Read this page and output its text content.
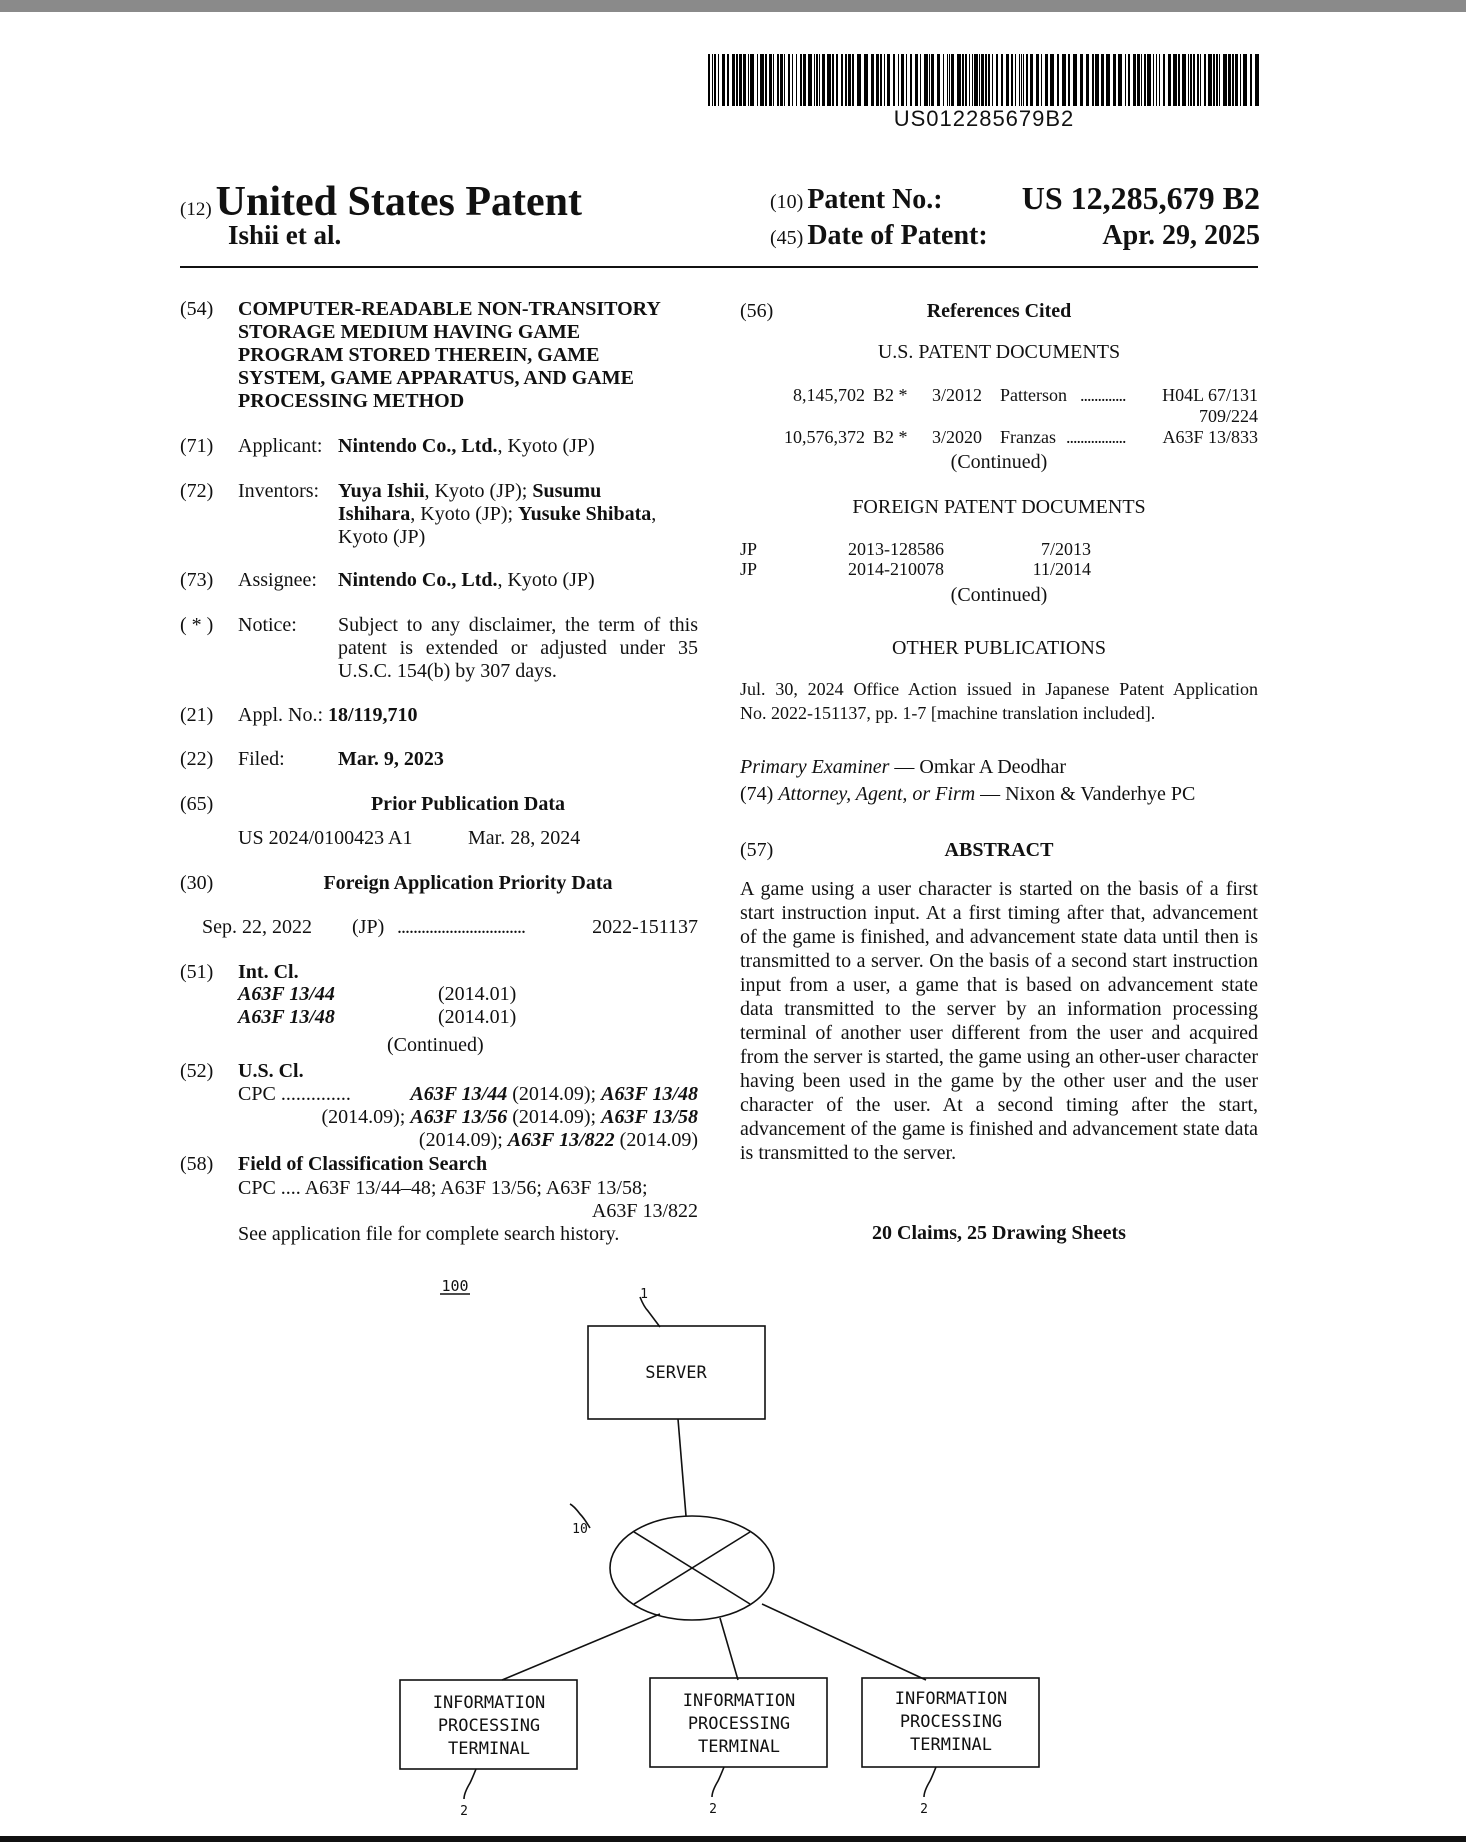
US012285679B2
(12) United States Patent
Ishii et al.
(10) Patent No.: US 12,285,679 B2
(45) Date of Patent:	Apr. 29, 2025
(54) COMPUTER-READABLE NON-TRANSITORY
STORAGE MEDIUM HAVING GAME
PROGRAM STORED THEREIN, GAME
SYSTEM, GAME APPARATUS, AND GAME
PROCESSING METHOD
(71) Applicant: Nintendo Co., Ltd., Kyoto (JP)
(72) Inventors: Yuya Ishii, Kyoto (JP); Susumu
Ishihara, Kyoto (JP); Yusuke Shibata,
Kyoto (JP)
(73) Assignee: Nintendo Co., Ltd., Kyoto (JP)
( * ) Notice: Subject to any disclaimer, the term of this
patent is extended or adjusted under 35
U.S.C. 154(b) by 307 days.
(21) Appl. No.: 18/119,710
(22) Filed:	Mar. 9, 2023
(65)	Prior Publication Data
US 2024/0100423 A1	Mar. 28, 2024
(30)	Foreign Application Priority Data
Sep. 22, 2022 (JP) ................................	2022-151137
(51) Int. Cl.
A63F 13/44	(2014.01)
A63F 13/48	(2014.01)
(Continued)
(52) U.S. Cl.
CPC ..............	A63F 13/44 (2014.09); A63F 13/48
(2014.09); A63F 13/56 (2014.09); A63F 13/58
(2014.09); A63F 13/822 (2014.09)
(58) Field of Classification Search
CPC .... A63F 13/44–48; A63F 13/56; A63F 13/58;
A63F 13/822
See application file for complete search history.
(56)	References Cited
U.S. PATENT DOCUMENTS
8,145,702 B2 * 3/2012 Patterson ............. H04L 67/131
709/224
10,576,372 B2 * 3/2020 Franzas ................. A63F 13/833
(Continued)
FOREIGN PATENT DOCUMENTS
JP	2013-128586	7/2013
JP	2014-210078	11/2014
(Continued)
OTHER PUBLICATIONS
Jul. 30, 2024 Office Action issued in Japanese Patent Application
No. 2022-151137, pp. 1-7 [machine translation included].
Primary Examiner — Omkar A Deodhar
(74) Attorney, Agent, or Firm — Nixon & Vanderhye PC
(57)	ABSTRACT
A game using a user character is started on the basis of a first start instruction input. At a first timing after that, advancement of the game is finished, and advancement state data until then is transmitted to a server. On the basis of a second start instruction input from a user, a game that is based on advancement state data transmitted to the server by an information processing terminal of another user different from the user and acquired from the server is started, the game using an other-user character having been used in the game by the other user and the user character of the user. At a second timing after the start, advancement of the game is finished and advancement state data is transmitted to the server.
20 Claims, 25 Drawing Sheets
100	1
SERVER
10
INFORMATION
PROCESSING
TERMINAL
INFORMATION
PROCESSING
TERMINAL
INFORMATION
PROCESSING
TERMINAL
2	2	2
